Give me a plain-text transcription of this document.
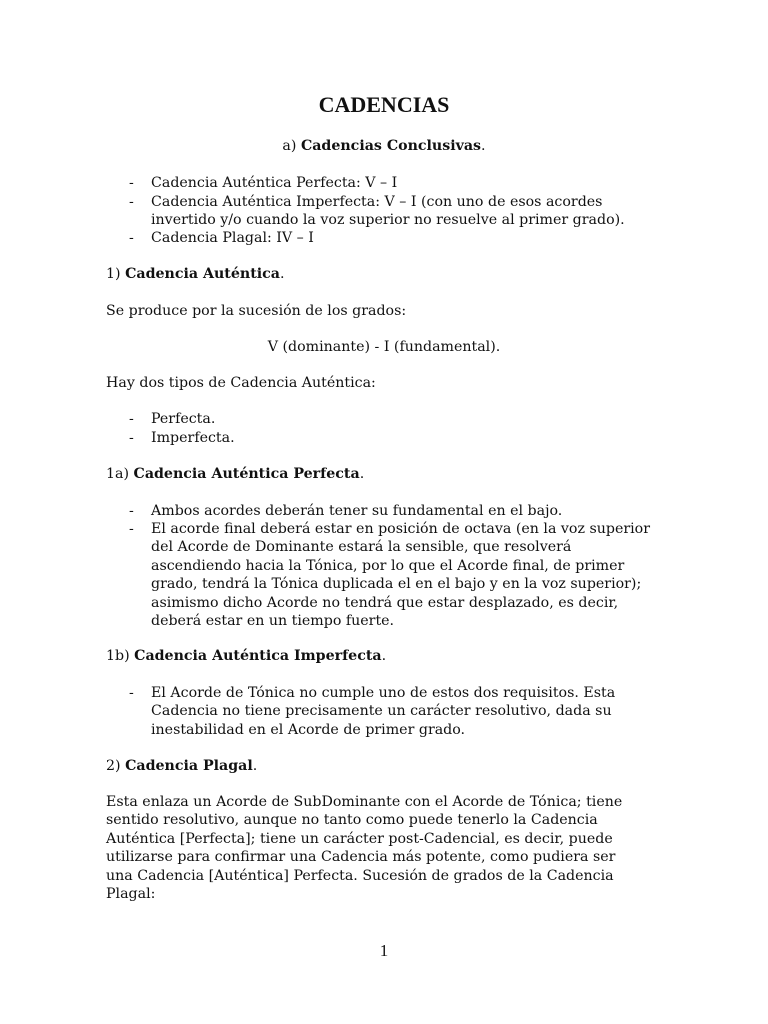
CADENCIAS
a) Cadencias Conclusivas.
- Cadencia Auténtica Perfecta: V – I
- Cadencia Auténtica Imperfecta: V – I (con uno de esos acordes
invertido y/o cuando la voz superior no resuelve al primer grado).
- Cadencia Plagal: IV – I
1) Cadencia Auténtica.
Se produce por la sucesión de los grados:
V (dominante) - I (fundamental).
Hay dos tipos de Cadencia Auténtica:
- Perfecta.
- Imperfecta.
1a) Cadencia Auténtica Perfecta.
- Ambos acordes deberán tener su fundamental en el bajo.
- El acorde final deberá estar en posición de octava (en la voz superior
del Acorde de Dominante estará la sensible, que resolverá
ascendiendo hacia la Tónica, por lo que el Acorde final, de primer
grado, tendrá la Tónica duplicada el en el bajo y en la voz superior);
asimismo dicho Acorde no tendrá que estar desplazado, es decir,
deberá estar en un tiempo fuerte.
1b) Cadencia Auténtica Imperfecta.
- El Acorde de Tónica no cumple uno de estos dos requisitos. Esta
Cadencia no tiene precisamente un carácter resolutivo, dada su
inestabilidad en el Acorde de primer grado.
2) Cadencia Plagal.
Esta enlaza un Acorde de SubDominante con el Acorde de Tónica; tiene
sentido resolutivo, aunque no tanto como puede tenerlo la Cadencia
Auténtica [Perfecta]; tiene un carácter post-Cadencial, es decir, puede
utilizarse para confirmar una Cadencia más potente, como pudiera ser
una Cadencia [Auténtica] Perfecta. Sucesión de grados de la Cadencia
Plagal:
1
